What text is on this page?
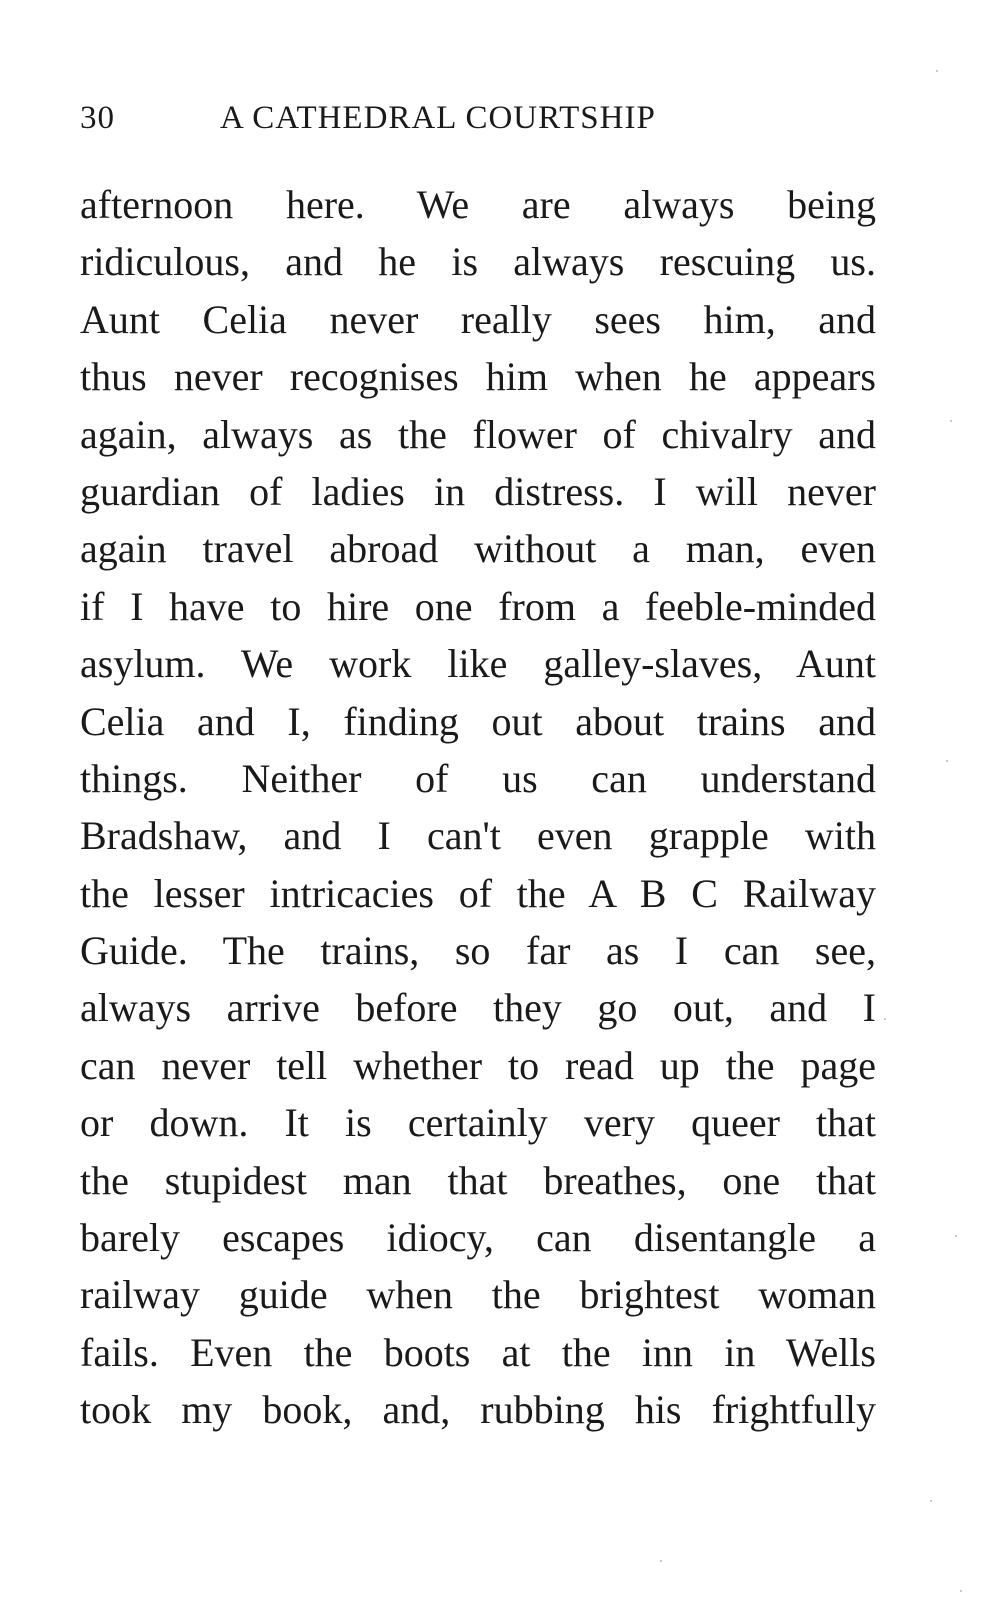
30	A CATHEDRAL COURTSHIP
afternoon here. We are always being
ridiculous, and he is always rescuing us.
Aunt Celia never really sees him, and
thus never recognises him when he appears
again, always as the flower of chivalry and
guardian of ladies in distress. I will never
again travel abroad without a man, even
if I have to hire one from a feeble-minded
asylum. We work like galley-slaves, Aunt
Celia and I, finding out about trains and
things. Neither of us can understand
Bradshaw, and I can't even grapple with
the lesser intricacies of the A B C Railway
Guide. The trains, so far as I can see,
always arrive before they go out, and I
can never tell whether to read up the page
or down. It is certainly very queer that
the stupidest man that breathes, one that
barely escapes idiocy, can disentangle a
railway guide when the brightest woman
fails. Even the boots at the inn in Wells
took my book, and, rubbing his frightfully
